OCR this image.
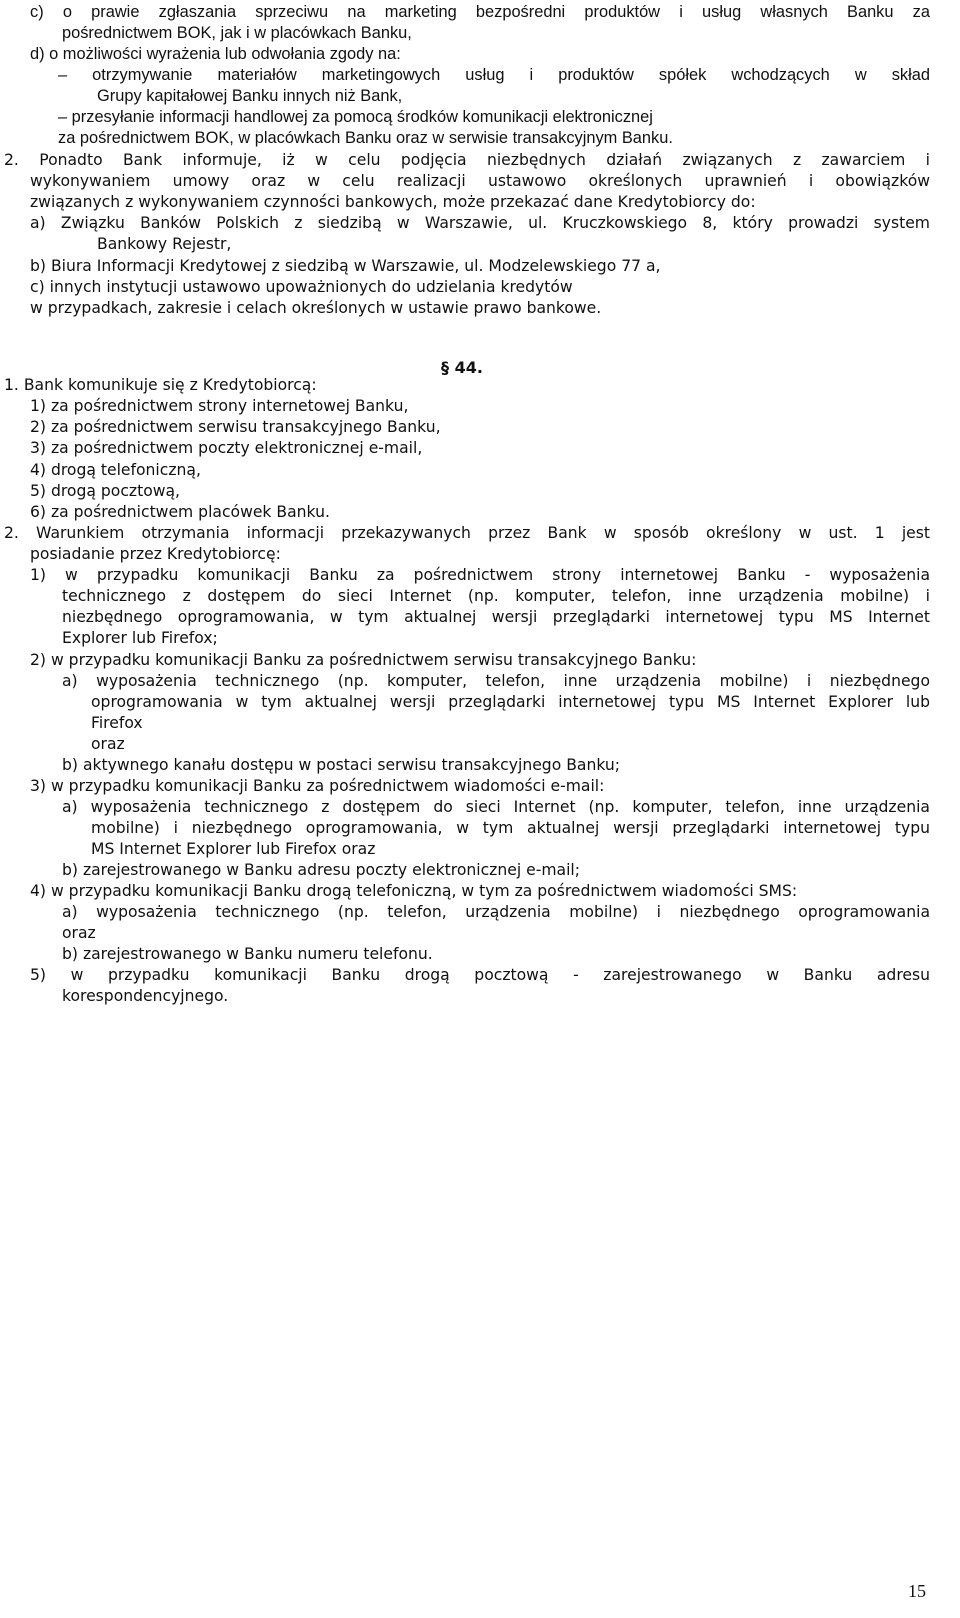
c) o prawie zgłaszania sprzeciwu na marketing bezpośredni produktów i usług własnych Banku za
pośrednictwem BOK, jak i w placówkach Banku,
d) o możliwości wyrażenia lub odwołania zgody na:
– otrzymywanie materiałów marketingowych usług i produktów spółek wchodzących w skład
Grupy kapitałowej Banku innych niż Bank,
– przesyłanie informacji handlowej za pomocą środków komunikacji elektronicznej
za pośrednictwem BOK, w placówkach Banku oraz w serwisie transakcyjnym Banku.
2. Ponadto Bank informuje, iż w celu podjęcia niezbędnych działań związanych z zawarciem i
wykonywaniem umowy oraz w celu realizacji ustawowo określonych uprawnień i obowiązków
związanych z wykonywaniem czynności bankowych, może przekazać dane Kredytobiorcy do:
a) Związku Banków Polskich z siedzibą w Warszawie, ul. Kruczkowskiego 8, który prowadzi system
Bankowy Rejestr,
b) Biura Informacji Kredytowej z siedzibą w Warszawie, ul. Modzelewskiego 77 a,
c) innych instytucji ustawowo upoważnionych do udzielania kredytów
w przypadkach, zakresie i celach określonych w ustawie prawo bankowe.
§ 44.
1. Bank komunikuje się z Kredytobiorcą:
1) za pośrednictwem strony internetowej Banku,
2) za pośrednictwem serwisu transakcyjnego Banku,
3) za pośrednictwem poczty elektronicznej e-mail,
4) drogą telefoniczną,
5) drogą pocztową,
6) za pośrednictwem placówek Banku.
2. Warunkiem otrzymania informacji przekazywanych przez Bank w sposób określony w ust. 1 jest
posiadanie przez Kredytobiorcę:
1) w przypadku komunikacji Banku za pośrednictwem strony internetowej Banku - wyposażenia
technicznego z dostępem do sieci Internet (np. komputer, telefon, inne urządzenia mobilne) i
niezbędnego oprogramowania, w tym aktualnej wersji przeglądarki internetowej typu MS Internet
Explorer lub Firefox;
2) w przypadku komunikacji Banku za pośrednictwem serwisu transakcyjnego Banku:
a) wyposażenia technicznego (np. komputer, telefon, inne urządzenia mobilne) i niezbędnego
oprogramowania w tym aktualnej wersji przeglądarki internetowej typu MS Internet Explorer lub
Firefox
oraz
b) aktywnego kanału dostępu w postaci serwisu transakcyjnego Banku;
3) w przypadku komunikacji Banku za pośrednictwem wiadomości e-mail:
a) wyposażenia technicznego z dostępem do sieci Internet (np. komputer, telefon, inne urządzenia
mobilne) i niezbędnego oprogramowania, w tym aktualnej wersji przeglądarki internetowej typu
MS Internet Explorer lub Firefox oraz
b) zarejestrowanego w Banku adresu poczty elektronicznej e-mail;
4) w przypadku komunikacji Banku drogą telefoniczną, w tym za pośrednictwem wiadomości SMS:
a) wyposażenia technicznego (np. telefon, urządzenia mobilne) i niezbędnego oprogramowania
oraz
b) zarejestrowanego w Banku numeru telefonu.
5) w przypadku komunikacji Banku drogą pocztową - zarejestrowanego w Banku adresu
korespondencyjnego.
15
